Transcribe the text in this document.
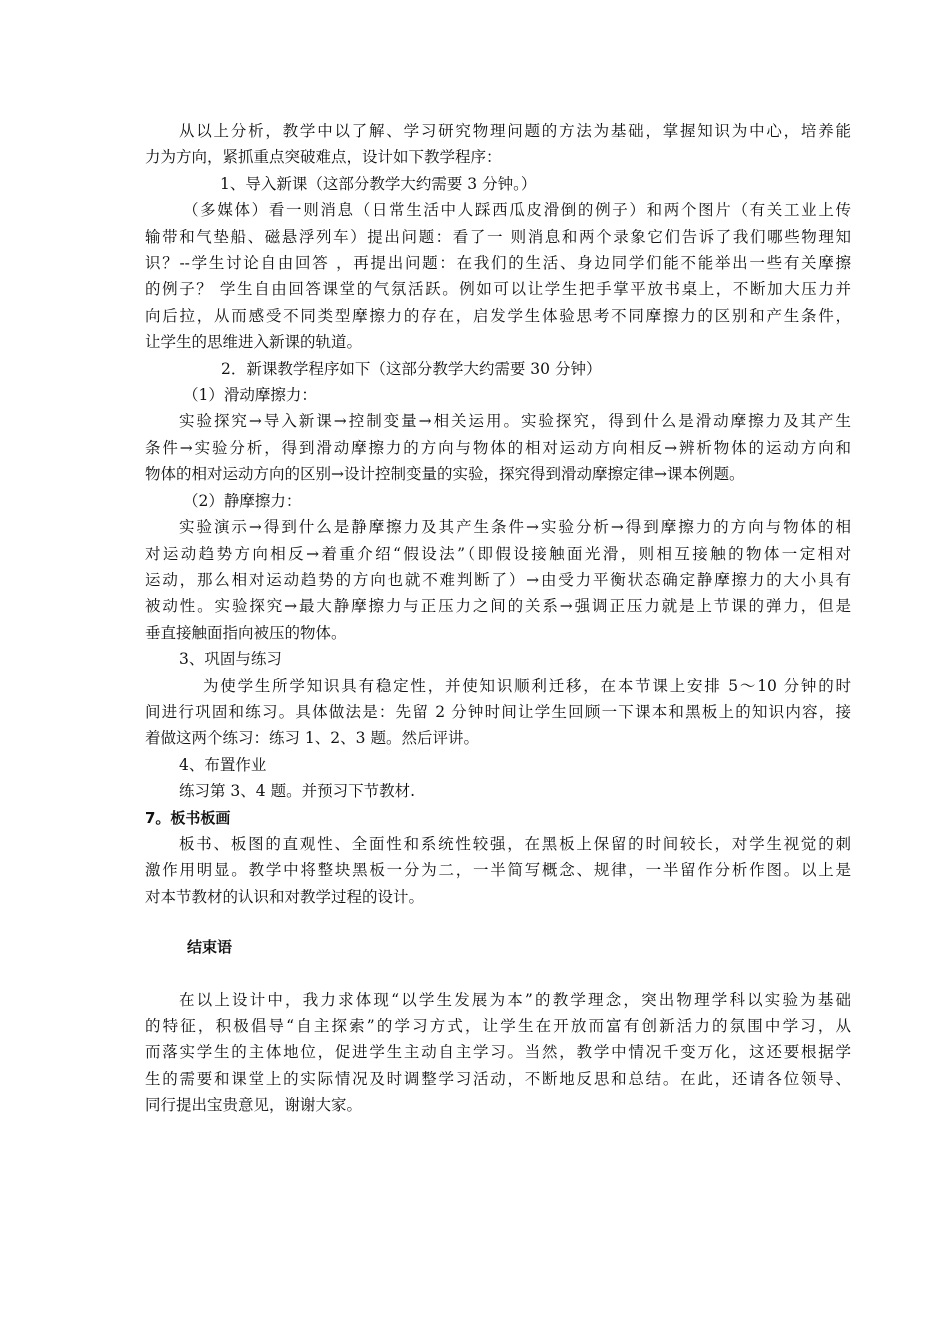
从以上分析，教学中以了解、学习研究物理问题的方法为基础，掌握知识为中心，培养能
力为方向，紧抓重点突破难点，设计如下教学程序：
1、导入新课（这部分教学大约需要 3 分钟。）
（多媒体）看一则消息（日常生活中人踩西瓜皮滑倒的例子）和两个图片（有关工业上传
输带和气垫船、磁悬浮列车）提出问题：看了一 则消息和两个录象它们告诉了我们哪些物理知
识？--学生讨论自由回答 ，再提出问题：在我们的生活、身边同学们能不能举出一些有关摩擦
的例子？ 学生自由回答课堂的气氛活跃。例如可以让学生把手掌平放书桌上，不断加大压力并
向后拉，从而感受不同类型摩擦力的存在，启发学生体验思考不同摩擦力的区别和产生条件，
让学生的思维进入新课的轨道。
2．新课教学程序如下（这部分教学大约需要 30 分钟）
（1）滑动摩擦力：
实验探究→导入新课→控制变量→相关运用。实验探究，得到什么是滑动摩擦力及其产生
条件→实验分析，得到滑动摩擦力的方向与物体的相对运动方向相反→辨析物体的运动方向和
物体的相对运动方向的区别→设计控制变量的实验，探究得到滑动摩擦定律→课本例题。
（2）静摩擦力：
实验演示→得到什么是静摩擦力及其产生条件→实验分析→得到摩擦力的方向与物体的相
对运动趋势方向相反→着重介绍“假设法”（即假设接触面光滑，则相互接触的物体一定相对
运动，那么相对运动趋势的方向也就不难判断了）→由受力平衡状态确定静摩擦力的大小具有
被动性。实验探究→最大静摩擦力与正压力之间的关系→强调正压力就是上节课的弹力，但是
垂直接触面指向被压的物体。
3、巩固与练习
为使学生所学知识具有稳定性，并使知识顺利迁移，在本节课上安排 5～10 分钟的时
间进行巩固和练习。具体做法是：先留 2 分钟时间让学生回顾一下课本和黑板上的知识内容，接
着做这两个练习：练习 1、2、3 题。然后评讲。
4、布置作业
练习第 3、4 题。并预习下节教材.
7。板书板画
板书、板图的直观性、全面性和系统性较强，在黑板上保留的时间较长，对学生视觉的刺
激作用明显。教学中将整块黑板一分为二，一半简写概念、规律，一半留作分析作图。以上是
对本节教材的认识和对教学过程的设计。
结束语
在以上设计中，我力求体现“以学生发展为本”的教学理念，突出物理学科以实验为基础
的特征，积极倡导“自主探索”的学习方式，让学生在开放而富有创新活力的氛围中学习，从
而落实学生的主体地位，促进学生主动自主学习。当然，教学中情况千变万化，这还要根据学
生的需要和课堂上的实际情况及时调整学习活动，不断地反思和总结。在此，还请各位领导、
同行提出宝贵意见，谢谢大家。
